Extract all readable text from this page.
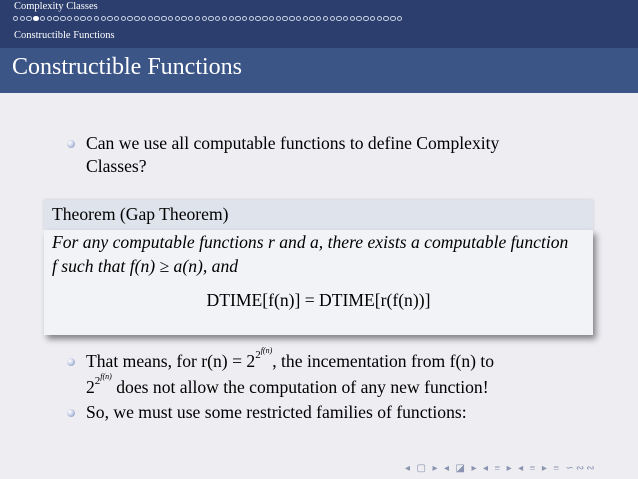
Complexity Classes
Constructible Functions
Constructible Functions
Can we use all computable functions to define Complexity
Classes?
Theorem (Gap Theorem)
For any computable functions r and a, there exists a computable function
f such that f(n) ≥ a(n), and
DTIME[f(n)] = DTIME[r(f(n))]
That means, for $r(n) = 2^{2^{f(n)}}$, the incementation from f(n) to
$2^{2^{f(n)}}$ does not allow the computation of any new function!
So, we must use some restricted families of functions:
◂ ▢ ▸ ◂ ◪ ▸ ◂ ≡ ▸ ◂ ≡ ▸ ≡ ∽∾∾
